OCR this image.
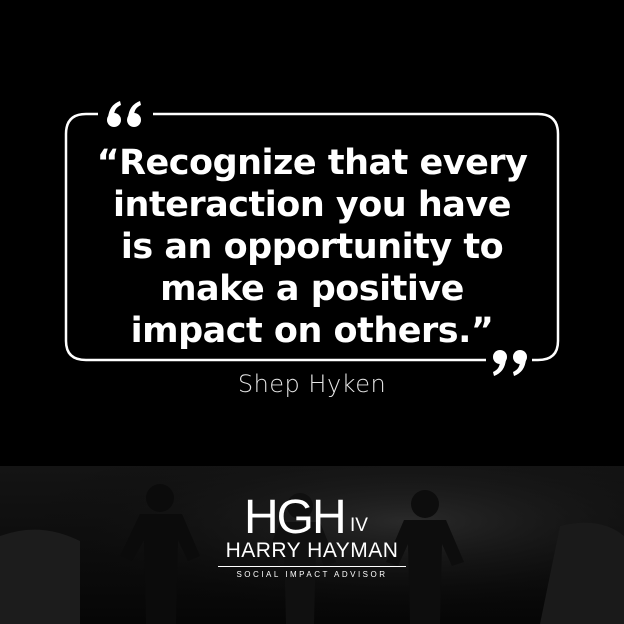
“Recognize that every
interaction you have
is an opportunity to
make a positive
impact on others.”
Shep Hyken
HGH IV
HARRY HAYMAN
SOCIAL IMPACT ADVISOR
